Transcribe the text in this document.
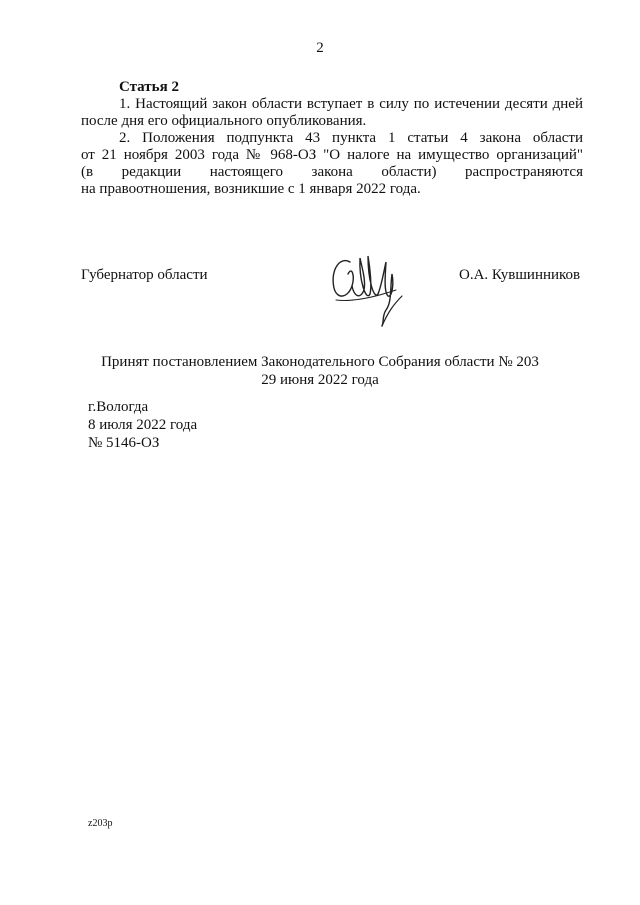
2
Статья 2
1. Настоящий закон области вступает в силу по истечении десяти дней
после дня его официального опубликования.
2. Положения подпункта 43 пункта 1 статьи 4 закона области
от 21 ноября 2003 года № 968-ОЗ "О налоге на имущество организаций"
(в редакции настоящего закона области) распространяются
на правоотношения, возникшие с 1 января 2022 года.
Губернатор области	О.А. Кувшинников
Принят постановлением Законодательного Собрания области № 203
29 июня 2022 года
г.Вологда
8 июля 2022 года
№ 5146-ОЗ
z203p
